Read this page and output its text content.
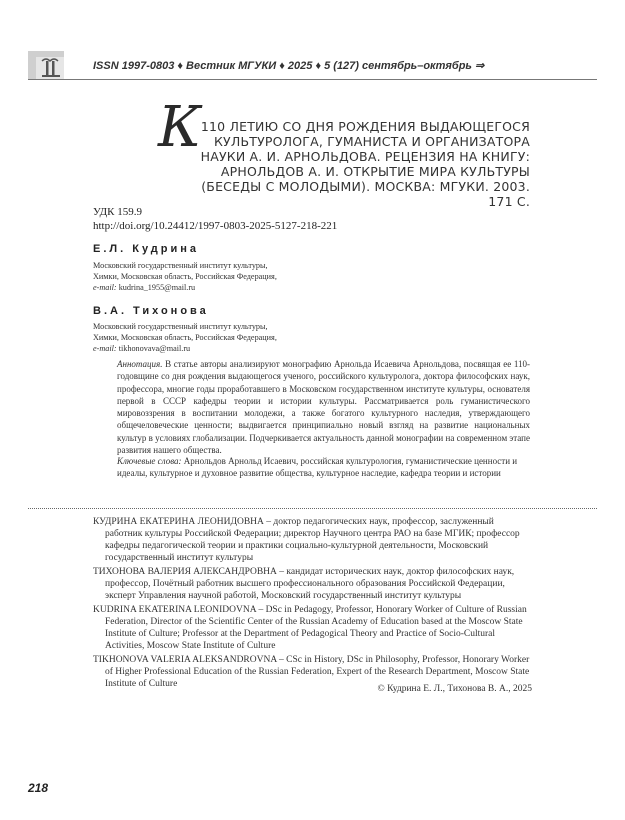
ISSN 1997-0803 ♦ Вестник МГУКИ ♦ 2025 ♦ 5 (127) сентябрь–октябрь ⇒
К 110 ЛЕТИЮ СО ДНЯ РОЖДЕНИЯ ВЫДАЮЩЕГОСЯ КУЛЬТУРОЛОГА, ГУМАНИСТА И ОРГАНИЗАТОРА НАУКИ А. И. АРНОЛЬДОВА. РЕЦЕНЗИЯ НА КНИГУ: АРНОЛЬДОВ А. И. ОТКРЫТИЕ МИРА КУЛЬТУРЫ (БЕСЕДЫ С МОЛОДЫМИ). МОСКВА: МГУКИ. 2003. 171 С.
УДК 159.9
http://doi.org/10.24412/1997-0803-2025-5127-218-221
Е.Л. Кудрина
Московский государственный институт культуры,
Химки, Московская область, Российская Федерация,
e-mail: kudrina_1955@mail.ru
В.А. Тихонова
Московский государственный институт культуры,
Химки, Московская область, Российская Федерация,
e-mail: tikhonovava@mail.ru
Аннотация. В статье авторы анализируют монографию Арнольда Исаевича Арнольдова, посвящая ее 110-годовщине со дня рождения выдающегося ученого, российского культуролога, доктора философских наук, профессора, многие годы проработавшего в Московском государственном институте культуры, основателя первой в СССР кафедры теории и истории культуры. Рассматривается роль гуманистического мировоззрения в воспитании молодежи, а также богатого культурного наследия, утверждающего общечеловеческие ценности; выдвигается принципиально новый взгляд на развитие национальных культур в условиях глобализации. Подчеркивается актуальность данной монографии на современном этапе развития нашего общества.
Ключевые слова: Арнольдов Арнольд Исаевич, российская культурология, гуманистические ценности и идеалы, культурное и духовное развитие общества, культурное наследие, кафедра теории и истории

КУДРИНА ЕКАТЕРИНА ЛЕОНИДОВНА – доктор педагогических наук, профессор, заслуженный работник культуры Российской Федерации; директор Научного центра РАО на базе МГИК; профессор кафедры педагогической теории и практики социально-культурной деятельности, Московский государственный институт культуры

ТИХОНОВА ВАЛЕРИЯ АЛЕКСАНДРОВНА – кандидат исторических наук, доктор философских наук, профессор, Почётный работник высшего профессионального образования Российской Федерации, эксперт Управления научной работой, Московский государственный институт культуры

KUDRINA EKATERINA LEONIDOVNA – DSc in Pedagogy, Professor, Honorary Worker of Culture of Russian Federation, Director of the Scientific Center of the Russian Academy of Education based at the Moscow State Institute of Culture; Professor at the Department of Pedagogical Theory and Practice of Socio-Cultural Activities, Moscow State Institute of Culture

TIKHONOVA VALERIA ALEKSANDROVNA – CSc in History, DSc in Philosophy, Professor, Honorary Worker of Higher Professional Education of the Russian Federation, Expert of the Research Department, Moscow State Institute of Culture	© Кудрина Е. Л., Тихонова В. А., 2025
218
